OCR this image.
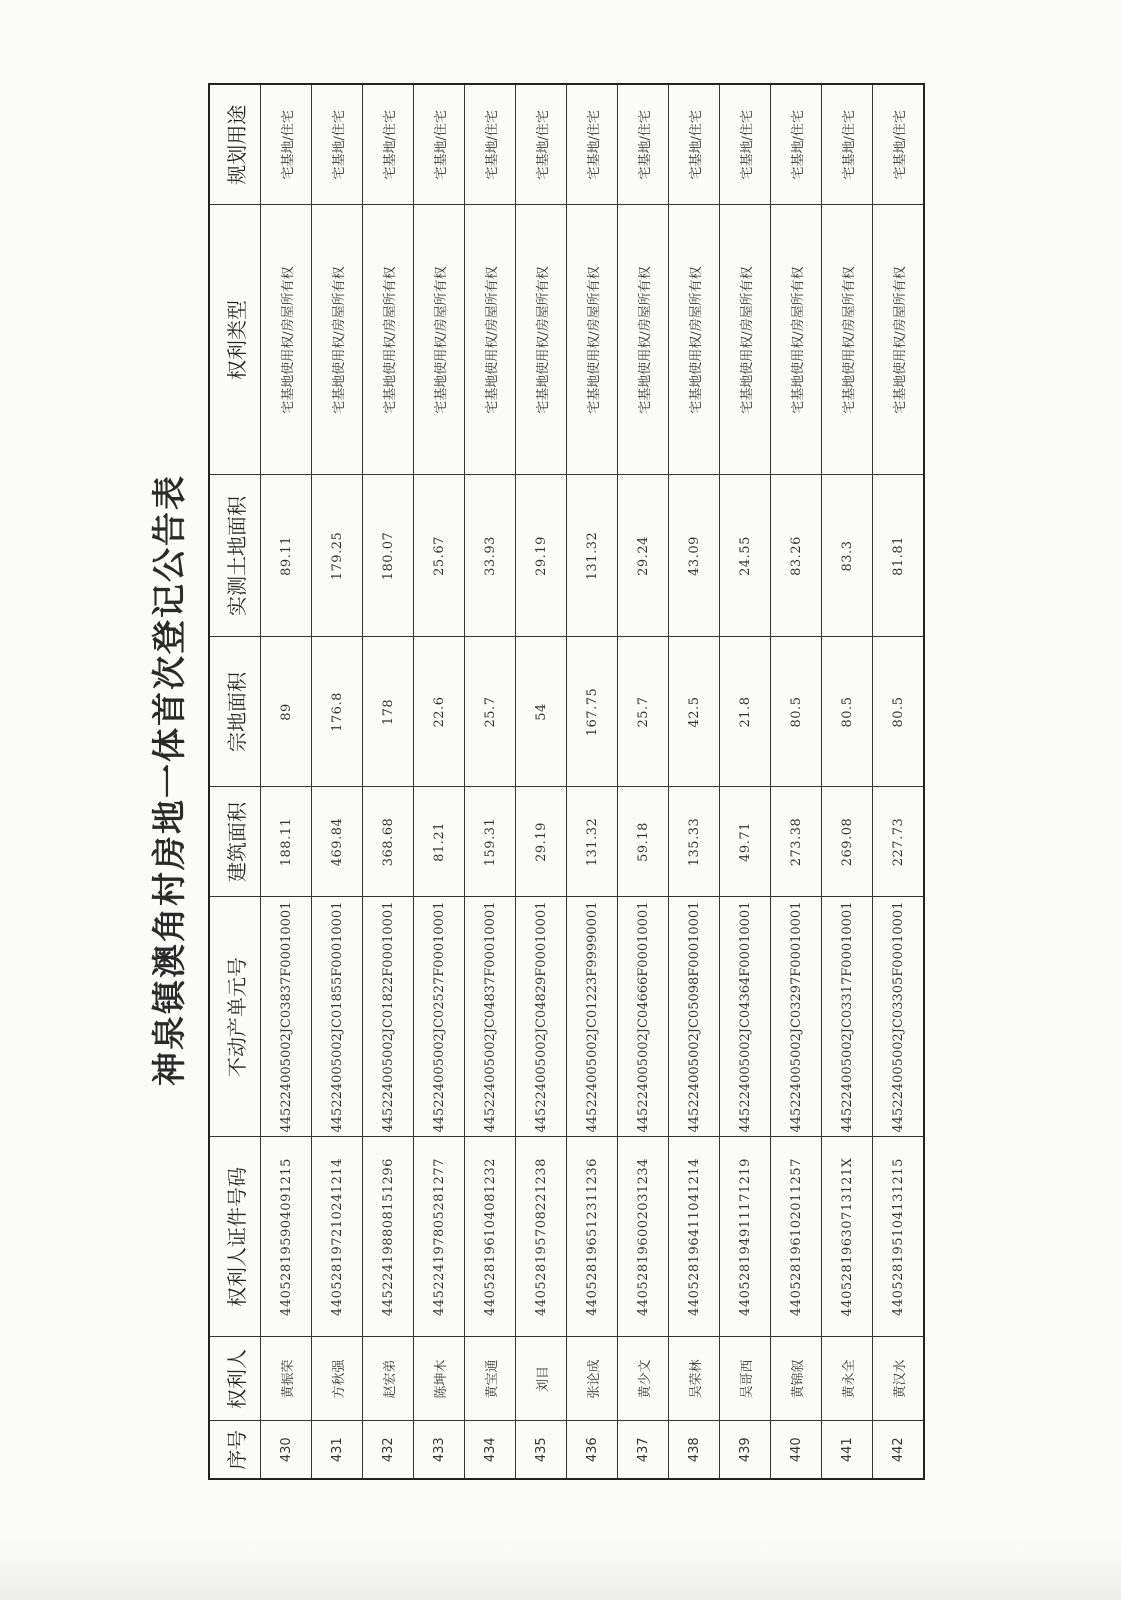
神泉镇澳角村房地一体首次登记公告表
序号	权利人	权利人证件号码	不动产单元号	建筑面积	宗地面积	实测土地面积	权利类型	规划用途
430	黄振荣	440528195904091215	445224005002JC03837F00010001	188.11	89	89.11	宅基地使用权/房屋所有权	宅基地/住宅
431	方秋强	440528197210241214	445224005002JC01855F00010001	469.84	176.8	179.25	宅基地使用权/房屋所有权	宅基地/住宅
432	赵宏弟	445224198808151296	445224005002JC01822F00010001	368.68	178	180.07	宅基地使用权/房屋所有权	宅基地/住宅
433	陈坤木	445224197805281277	445224005002JC02527F00010001	81.21	22.6	25.67	宅基地使用权/房屋所有权	宅基地/住宅
434	黄宝通	440528196104081232	445224005002JC04837F00010001	159.31	25.7	33.93	宅基地使用权/房屋所有权	宅基地/住宅
435	刘目	440528195708221238	445224005002JC04829F00010001	29.19	54	29.19	宅基地使用权/房屋所有权	宅基地/住宅
436	张论成	440528196512311236	445224005002JC01223F99990001	131.32	167.75	131.32	宅基地使用权/房屋所有权	宅基地/住宅
437	黄少文	440528196002031234	445224005002JC04666F00010001	59.18	25.7	29.24	宅基地使用权/房屋所有权	宅基地/住宅
438	吴荣林	440528196411041214	445224005002JC05098F00010001	135.33	42.5	43.09	宅基地使用权/房屋所有权	宅基地/住宅
439	吴哥西	440528194911171219	445224005002JC04364F00010001	49.71	21.8	24.55	宅基地使用权/房屋所有权	宅基地/住宅
440	黄锦叙	440528196102011257	445224005002JC03297F00010001	273.38	80.5	83.26	宅基地使用权/房屋所有权	宅基地/住宅
441	黄永全	44052819630713121X	445224005002JC03317F00010001	269.08	80.5	83.3	宅基地使用权/房屋所有权	宅基地/住宅
442	黄汉水	440528195104131215	445224005002JC03305F00010001	227.73	80.5	81.81	宅基地使用权/房屋所有权	宅基地/住宅
